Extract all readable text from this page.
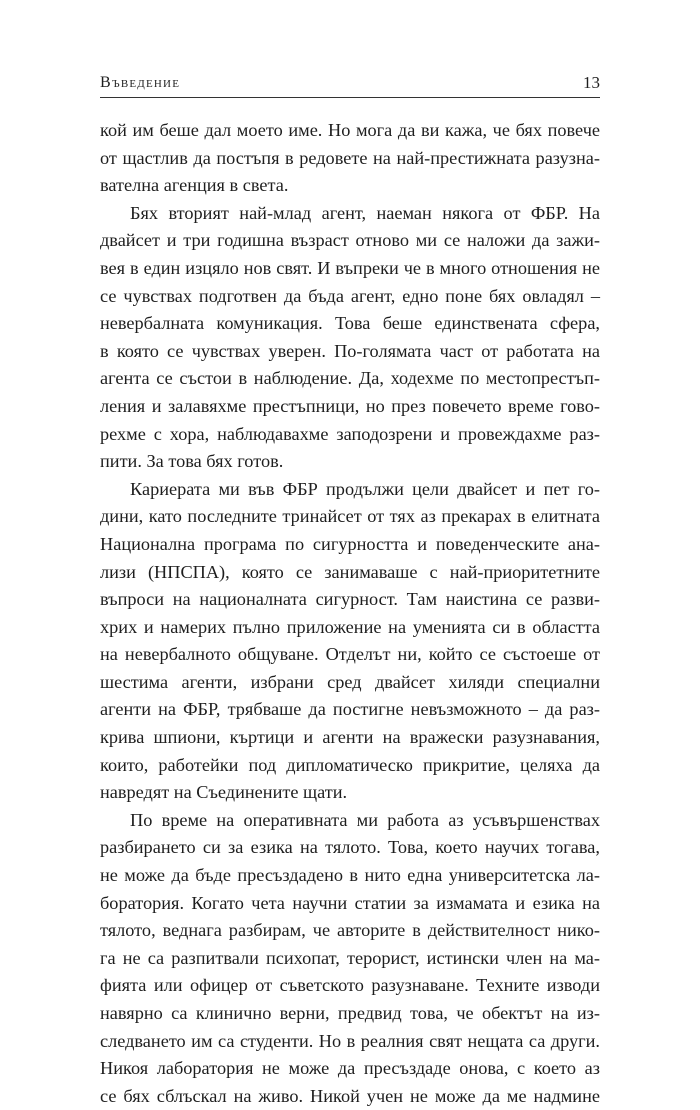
Въведение	13
кой им беше дал моето име. Но мога да ви кажа, че бях повече
от щастлив да постъпя в редовете на най-престижната разузна-
вателна агенция в света.
Бях вторият най-млад агент, наеман някога от ФБР. На
двайсет и три годишна възраст отново ми се наложи да зажи-
вея в един изцяло нов свят. И въпреки че в много отношения не
се чувствах подготвен да бъда агент, едно поне бях овладял –
невербалната комуникация. Това беше единствената сфера,
в която се чувствах уверен. По-голямата част от работата на
агента се състои в наблюдение. Да, ходехме по местопрестъп-
ления и залавяхме престъпници, но през повечето време гово-
рехме с хора, наблюдавахме заподозрени и провеждахме раз-
пити. За това бях готов.
Кариерата ми във ФБР продължи цели двайсет и пет го-
дини, като последните тринайсет от тях аз прекарах в елитната
Национална програма по сигурността и поведенческите ана-
лизи (НПСПА), която се занимаваше с най-приоритетните
въпроси на националната сигурност. Там наистина се разви-
хрих и намерих пълно приложение на уменията си в областта
на невербалното общуване. Отделът ни, който се състоеше от
шестима агенти, избрани сред двайсет хиляди специални
агенти на ФБР, трябваше да постигне невъзможното – да раз-
крива шпиони, къртици и агенти на вражески разузнавания,
които, работейки под дипломатическо прикритие, целяха да
навредят на Съединените щати.
По време на оперативната ми работа аз усъвършенствах
разбирането си за езика на тялото. Това, което научих тогава,
не може да бъде пресъздадено в нито една университетска ла-
боратория. Когато чета научни статии за измамата и езика на
тялото, веднага разбирам, че авторите в действителност нико-
га не са разпитвали психопат, терорист, истински член на ма-
фията или офицер от съветското разузнаване. Техните изводи
навярно са клинично верни, предвид това, че обектът на из-
следването им са студенти. Но в реалния свят нещата са други.
Никоя лаборатория не може да пресъздаде онова, с което аз
се бях сблъскал на живо. Никой учен не може да ме надмине
